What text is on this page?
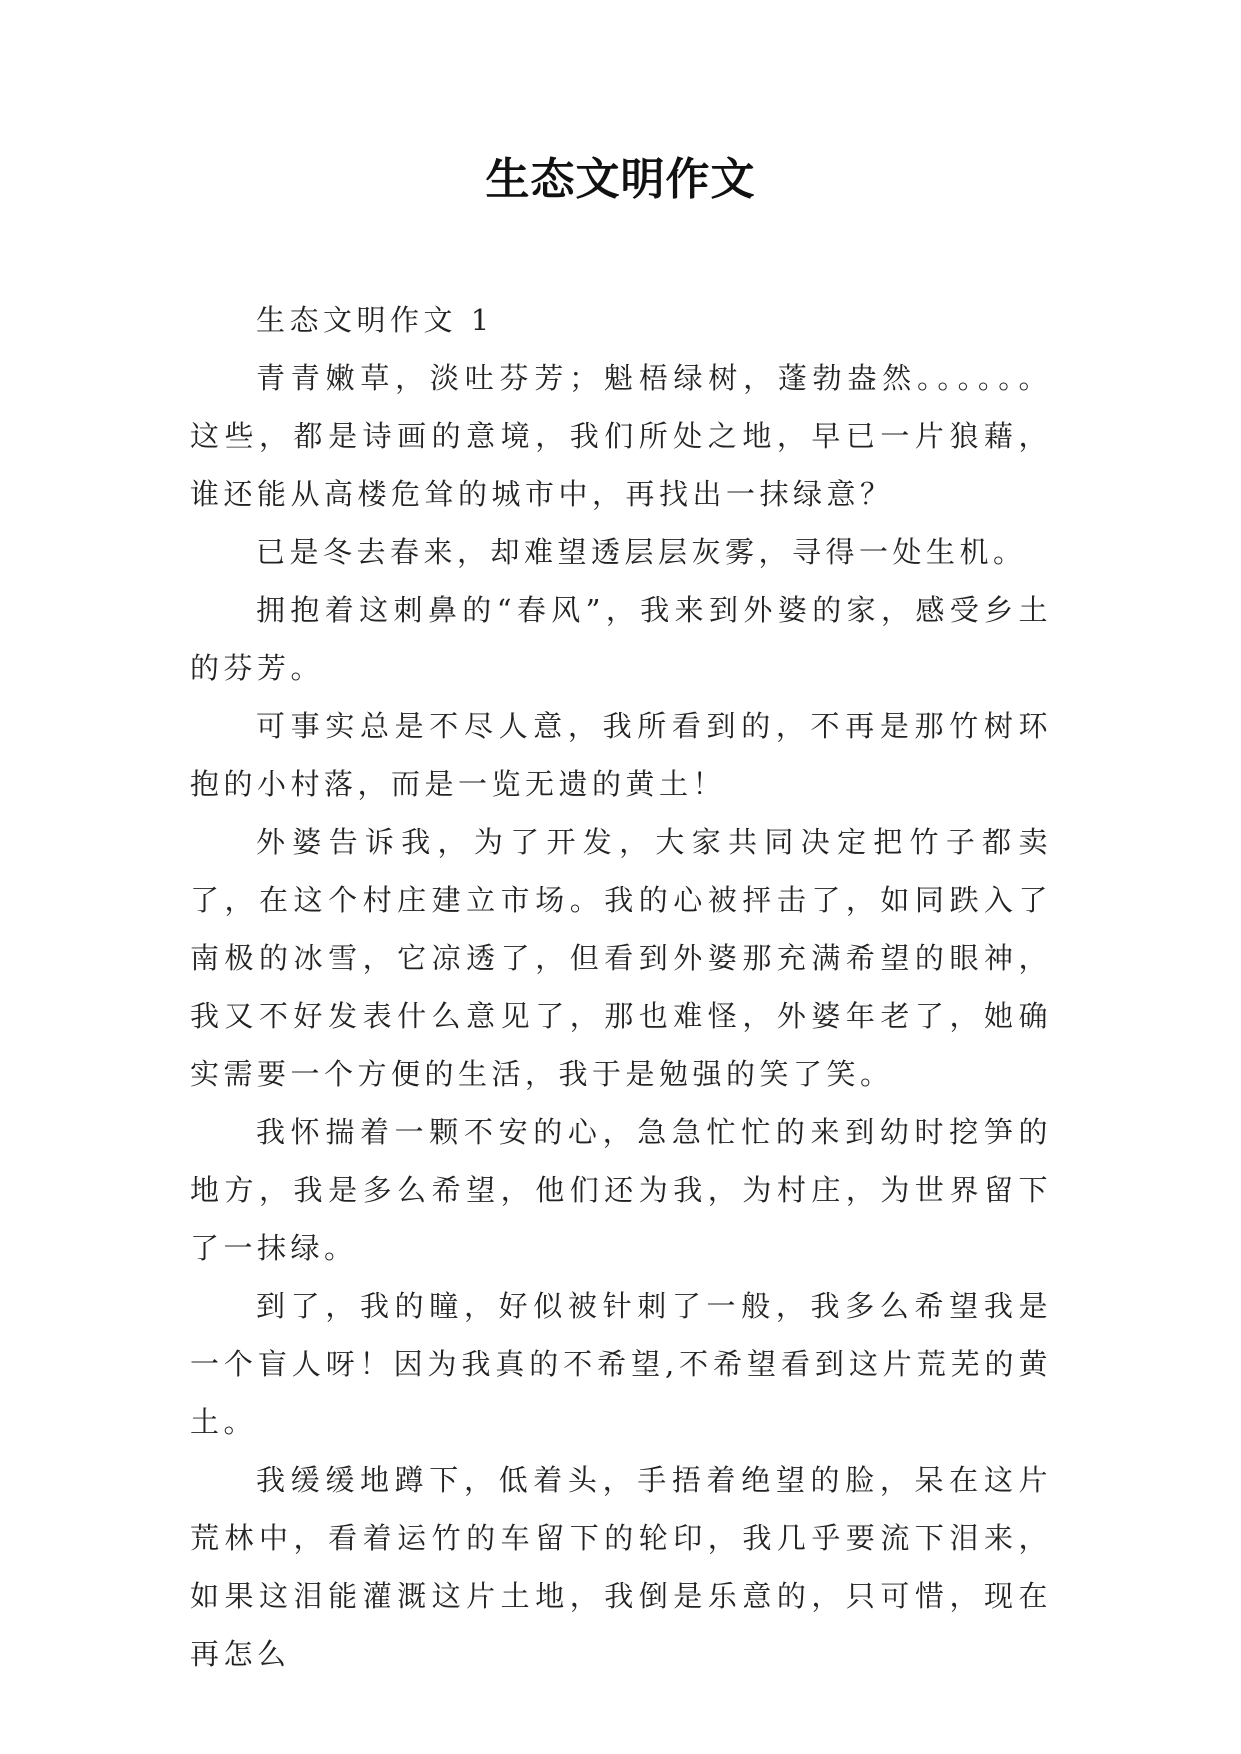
生态文明作文

生态文明作文 1

青青嫩草，淡吐芬芳；魁梧绿树，蓬勃盎然。。。。。。这些，都是诗画的意境，我们所处之地，早已一片狼藉，谁还能从高楼危耸的城市中，再找出一抹绿意？

已是冬去春来，却难望透层层灰雾，寻得一处生机。

拥抱着这刺鼻的“春风”，我来到外婆的家，感受乡土的芬芳。

可事实总是不尽人意，我所看到的，不再是那竹树环抱的小村落，而是一览无遗的黄土！

外婆告诉我，为了开发，大家共同决定把竹子都卖了，在这个村庄建立市场。我的心被抨击了，如同跌入了南极的冰雪，它凉透了，但看到外婆那充满希望的眼神，我又不好发表什么意见了，那也难怪，外婆年老了，她确实需要一个方便的生活，我于是勉强的笑了笑。

我怀揣着一颗不安的心，急急忙忙的来到幼时挖笋的地方，我是多么希望，他们还为我，为村庄，为世界留下了一抹绿。

到了，我的瞳，好似被针刺了一般，我多么希望我是一个盲人呀！因为我真的不希望,不希望看到这片荒芜的黄土。

我缓缓地蹲下，低着头，手捂着绝望的脸，呆在这片荒林中，看着运竹的车留下的轮印，我几乎要流下泪来，如果这泪能灌溉这片土地，我倒是乐意的，只可惜，现在再怎么
